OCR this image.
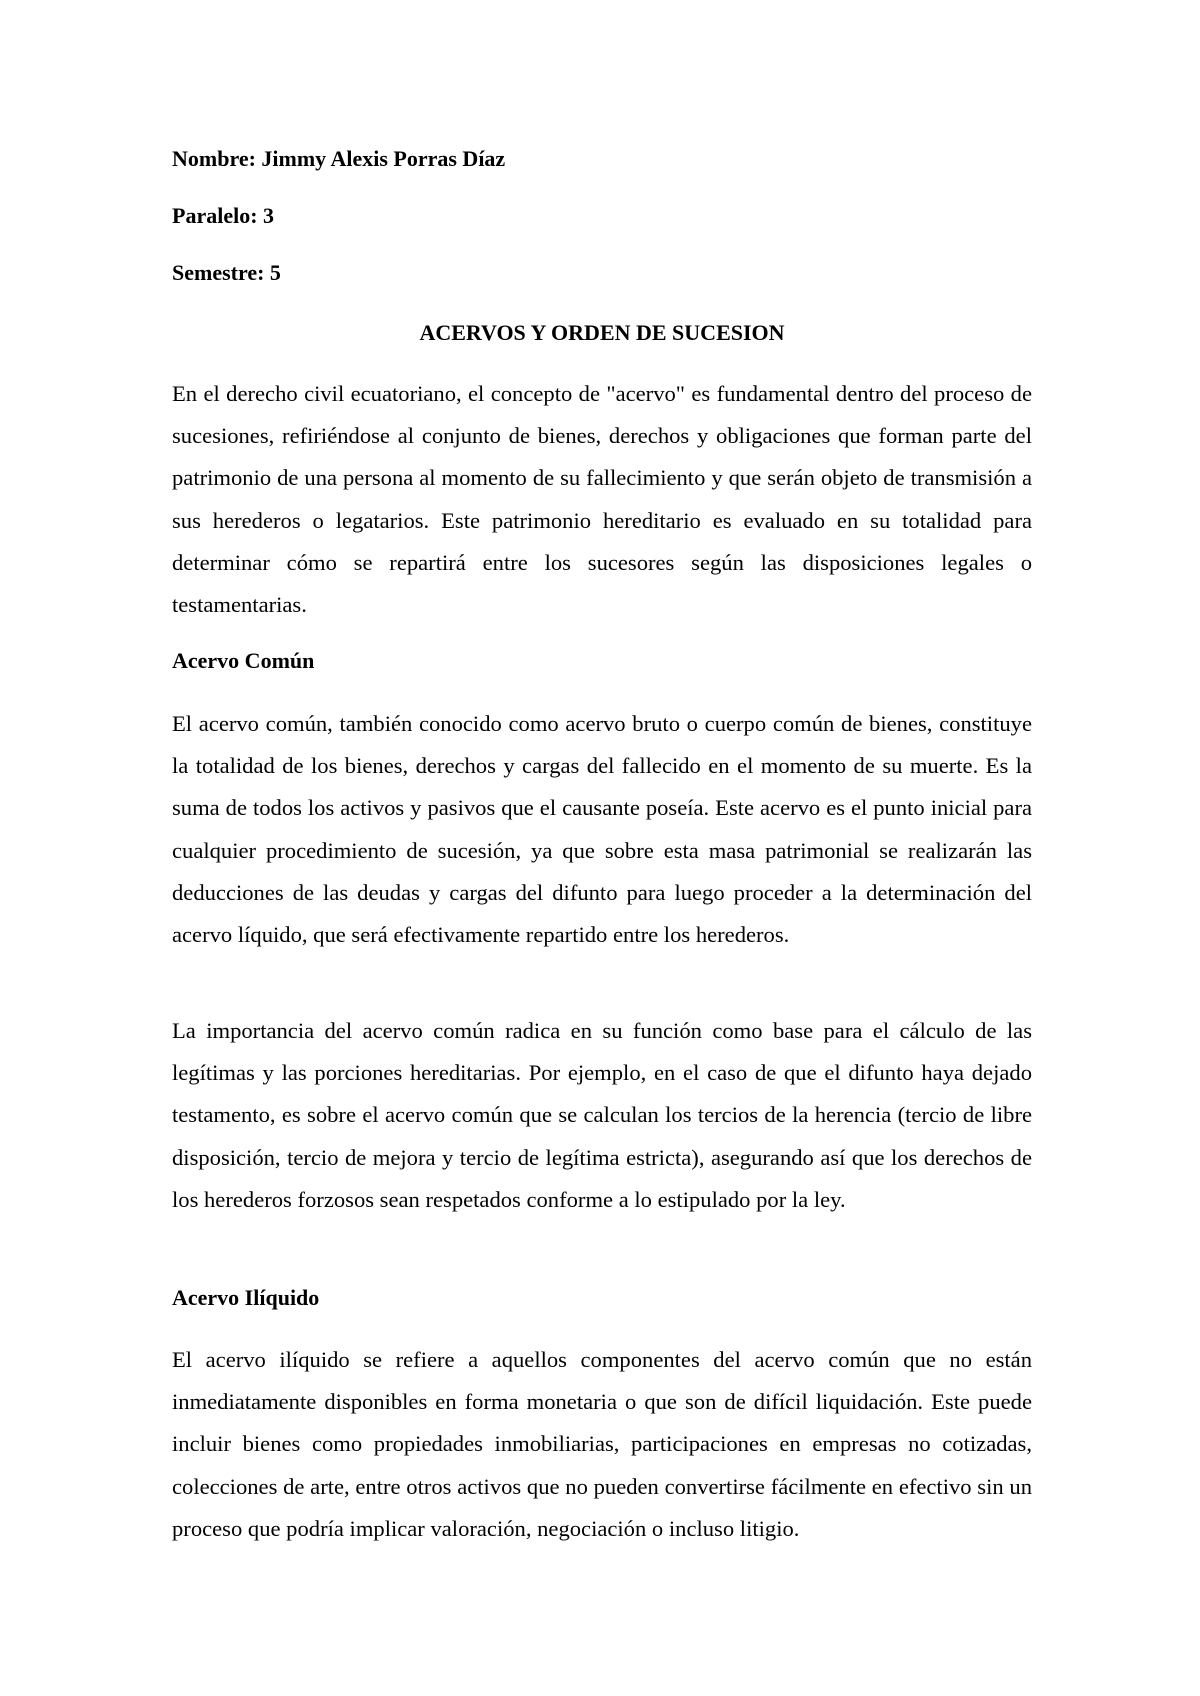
Nombre: Jimmy Alexis Porras Díaz
Paralelo: 3
Semestre: 5
ACERVOS Y ORDEN DE SUCESION

En el derecho civil ecuatoriano, el concepto de "acervo" es fundamental dentro del proceso de sucesiones, refiriéndose al conjunto de bienes, derechos y obligaciones que forman parte del patrimonio de una persona al momento de su fallecimiento y que serán objeto de transmisión a sus herederos o legatarios. Este patrimonio hereditario es evaluado en su totalidad para determinar cómo se repartirá entre los sucesores según las disposiciones legales o testamentarias.

Acervo Común

El acervo común, también conocido como acervo bruto o cuerpo común de bienes, constituye la totalidad de los bienes, derechos y cargas del fallecido en el momento de su muerte. Es la suma de todos los activos y pasivos que el causante poseía. Este acervo es el punto inicial para cualquier procedimiento de sucesión, ya que sobre esta masa patrimonial se realizarán las deducciones de las deudas y cargas del difunto para luego proceder a la determinación del acervo líquido, que será efectivamente repartido entre los herederos.

La importancia del acervo común radica en su función como base para el cálculo de las legítimas y las porciones hereditarias. Por ejemplo, en el caso de que el difunto haya dejado testamento, es sobre el acervo común que se calculan los tercios de la herencia (tercio de libre disposición, tercio de mejora y tercio de legítima estricta), asegurando así que los derechos de los herederos forzosos sean respetados conforme a lo estipulado por la ley.

Acervo Ilíquido

El acervo ilíquido se refiere a aquellos componentes del acervo común que no están inmediatamente disponibles en forma monetaria o que son de difícil liquidación. Este puede incluir bienes como propiedades inmobiliarias, participaciones en empresas no cotizadas, colecciones de arte, entre otros activos que no pueden convertirse fácilmente en efectivo sin un proceso que podría implicar valoración, negociación o incluso litigio.
